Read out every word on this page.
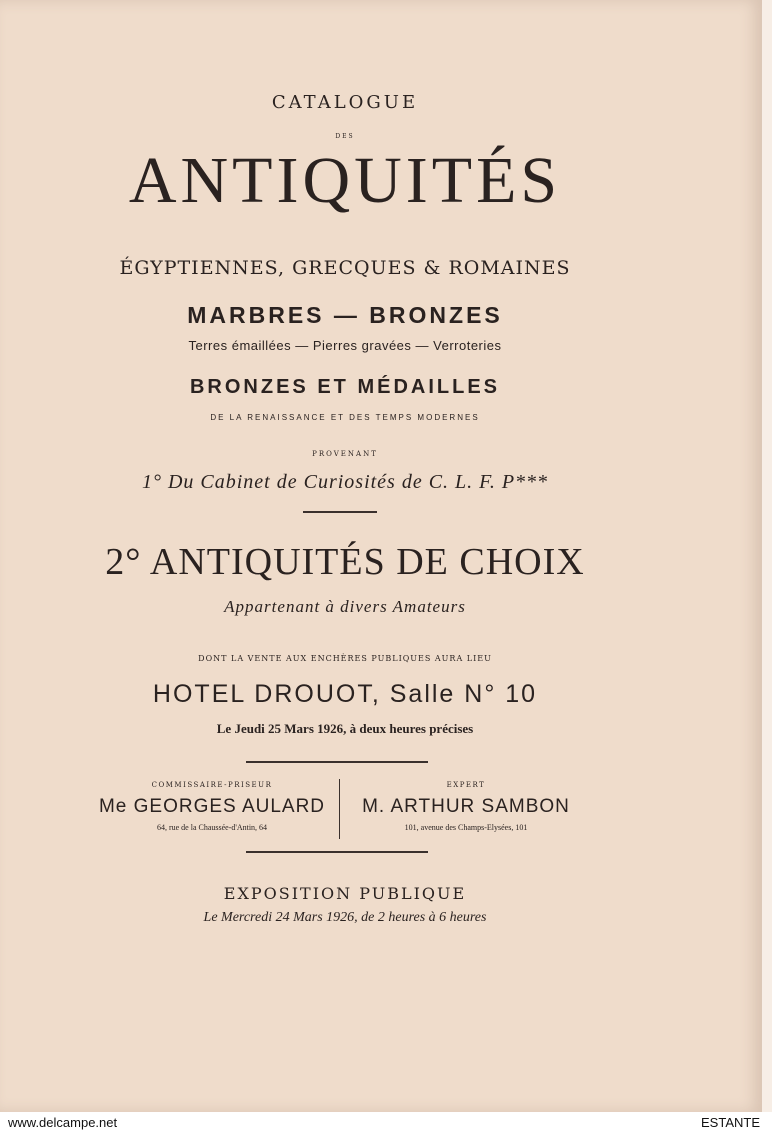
CATALOGUE
DES
ANTIQUITÉS
ÉGYPTIENNES, GRECQUES & ROMAINES
MARBRES — BRONZES
Terres émaillées — Pierres gravées — Verroteries
BRONZES ET MÉDAILLES
DE LA RENAISSANCE ET DES TEMPS MODERNES
PROVENANT
1° Du Cabinet de Curiosités de C. L. F. P***
2° ANTIQUITÉS DE CHOIX
Appartenant à divers Amateurs
DONT LA VENTE AUX ENCHÈRES PUBLIQUES AURA LIEU
HOTEL DROUOT, Salle N° 10
Le Jeudi 25 Mars 1926, à deux heures précises
COMMISSAIRE-PRISEUR
Me GEORGES AULARD
64, rue de la Chaussée-d'Antin, 64
EXPERT
M. ARTHUR SAMBON
101, avenue des Champs-Elysées, 101
EXPOSITION PUBLIQUE
Le Mercredi 24 Mars 1926, de 2 heures à 6 heures
www.delcampe.net	ESTANTE
